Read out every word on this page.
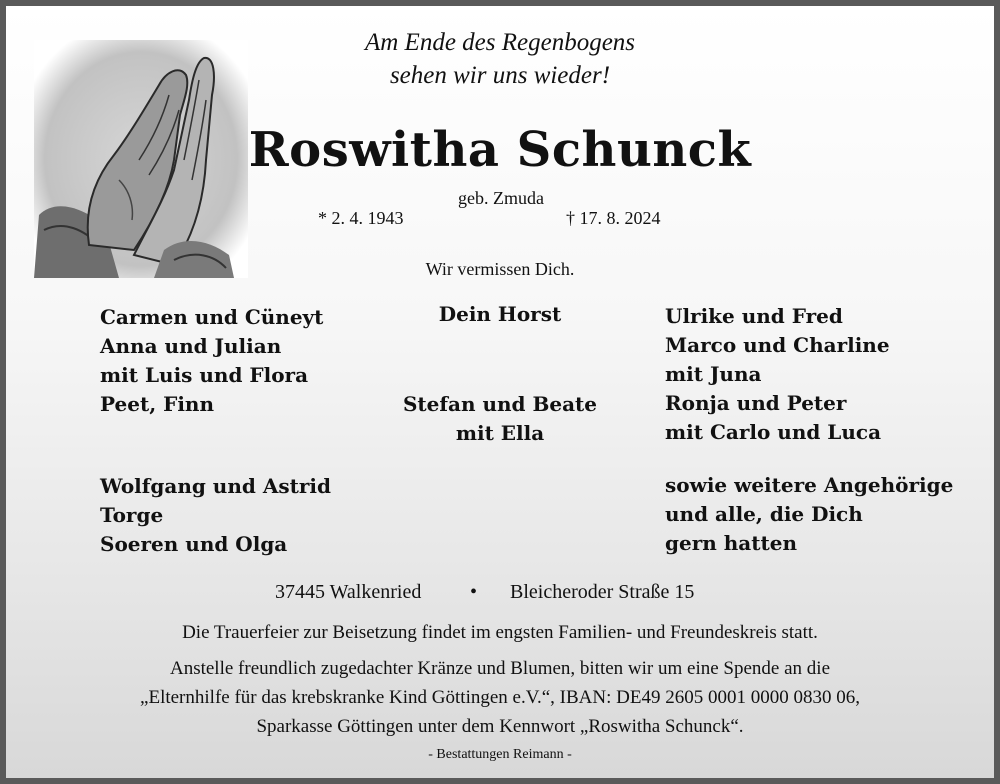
Am Ende des Regenbogens
sehen wir uns wieder!
Roswitha Schunck
geb. Zmuda
* 2. 4. 1943	† 17. 8. 2024
Wir vermissen Dich.
Carmen und Cüneyt
Anna und Julian
mit Luis und Flora
Peet, Finn
Wolfgang und Astrid
Torge
Soeren und Olga
Dein Horst
Stefan und Beate
mit Ella
Ulrike und Fred
Marco und Charline
mit Juna
Ronja und Peter
mit Carlo und Luca
sowie weitere Angehörige
und alle, die Dich
gern hatten
37445 Walkenried • Bleicheroder Straße 15
Die Trauerfeier zur Beisetzung findet im engsten Familien- und Freundeskreis statt.
Anstelle freundlich zugedachter Kränze und Blumen, bitten wir um eine Spende an die
„Elternhilfe für das krebskranke Kind Göttingen e.V.“, IBAN: DE49 2605 0001 0000 0830 06,
Sparkasse Göttingen unter dem Kennwort „Roswitha Schunck“.
- Bestattungen Reimann -
